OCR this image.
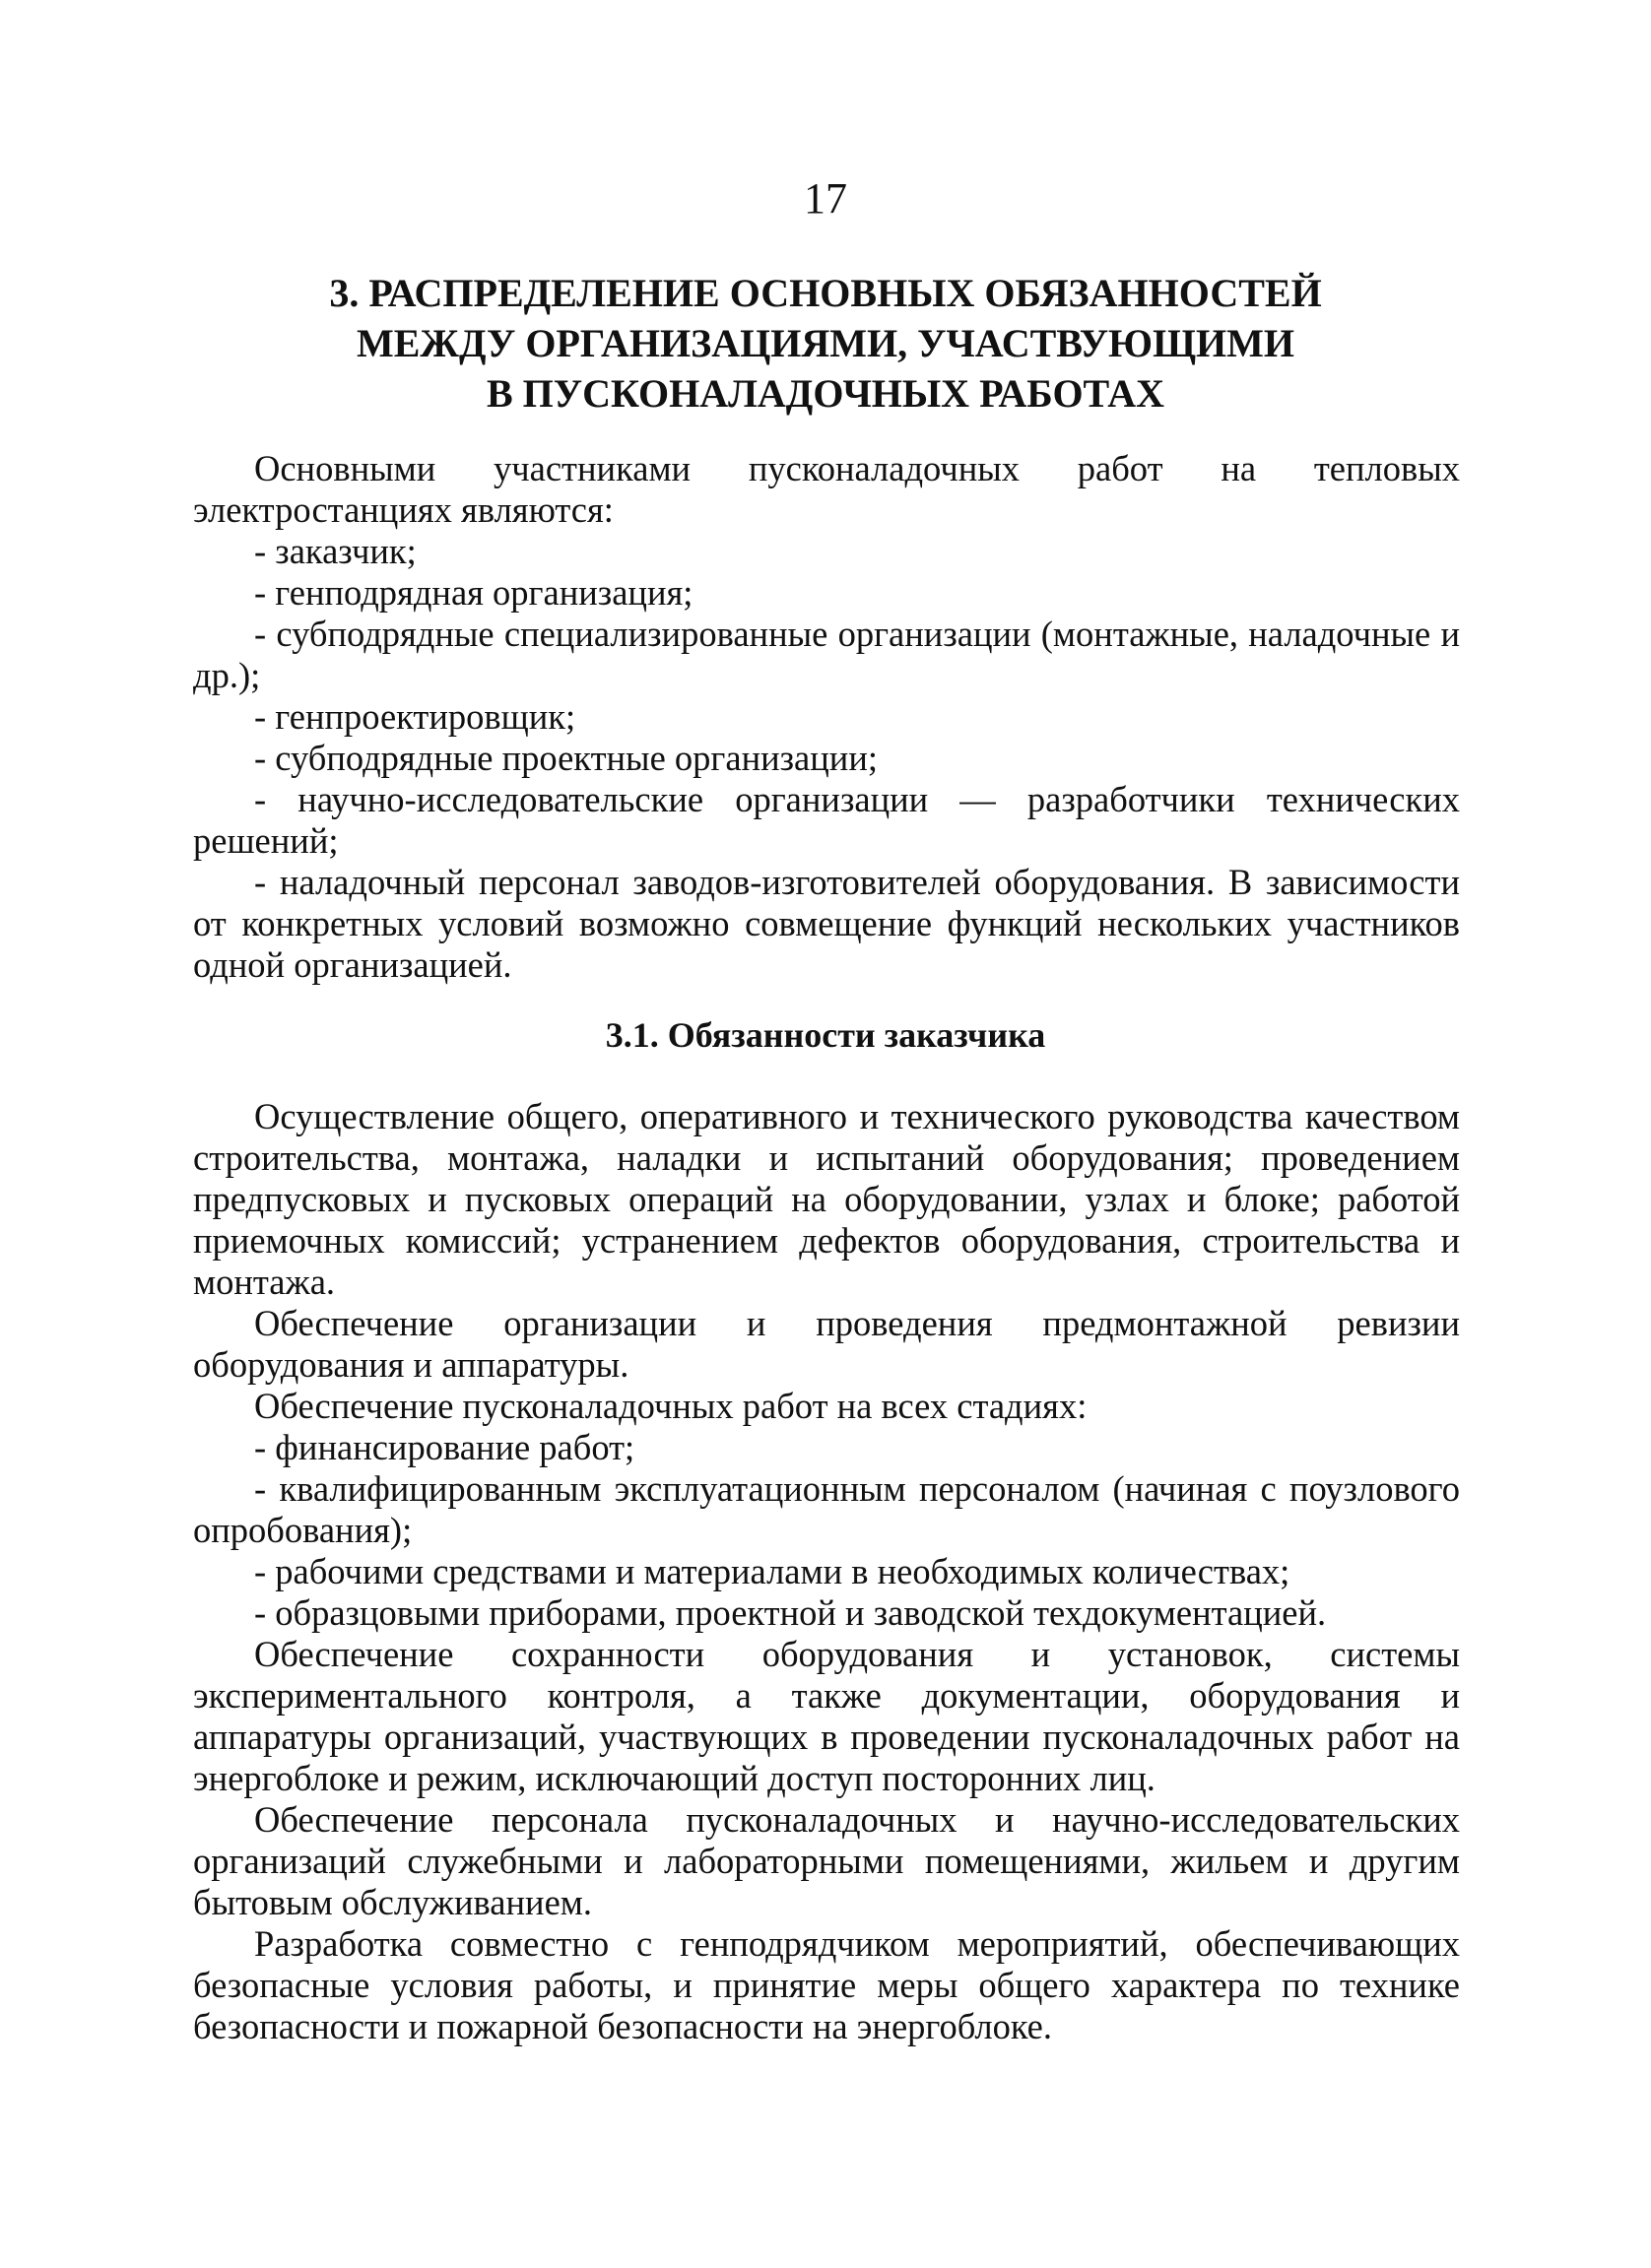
17
3. РАСПРЕДЕЛЕНИЕ ОСНОВНЫХ ОБЯЗАННОСТЕЙ
МЕЖДУ ОРГАНИЗАЦИЯМИ, УЧАСТВУЮЩИМИ
В ПУСКОНАЛАДОЧНЫХ РАБОТАХ

Основными участниками пусконаладочных работ на тепловых электростанциях являются:

- заказчик;

- генподрядная организация;

- субподрядные специализированные организации (монтажные, наладочные и др.);

- генпроектировщик;

- субподрядные проектные организации;

- научно-исследовательские организации — разработчики технических решений;

- наладочный персонал заводов-изготовителей оборудования. В зависимости от конкретных условий возможно совмещение функций нескольких участников одной организацией.

3.1. Обязанности заказчика

Осуществление общего, оперативного и технического руководства качеством строительства, монтажа, наладки и испытаний оборудования; проведением предпусковых и пусковых операций на оборудовании, узлах и блоке; работой приемочных комиссий; устранением дефектов оборудования, строительства и монтажа.

Обеспечение организации и проведения предмонтажной ревизии оборудования и аппаратуры.

Обеспечение пусконаладочных работ на всех стадиях:

- финансирование работ;

- квалифицированным эксплуатационным персоналом (начиная с поузлового опробования);

- рабочими средствами и материалами в необходимых количествах;

- образцовыми приборами, проектной и заводской техдокументацией.

Обеспечение сохранности оборудования и установок, системы экспериментального контроля, а также документации, оборудования и аппаратуры организаций, участвующих в проведении пусконаладочных работ на энергоблоке и режим, исключающий доступ посторонних лиц.

Обеспечение персонала пусконаладочных и научно-исследовательских организаций служебными и лабораторными помещениями, жильем и другим бытовым обслуживанием.

Разработка совместно с генподрядчиком мероприятий, обеспечивающих безопасные условия работы, и принятие меры общего характера по технике безопасности и пожарной безопасности на энергоблоке.
